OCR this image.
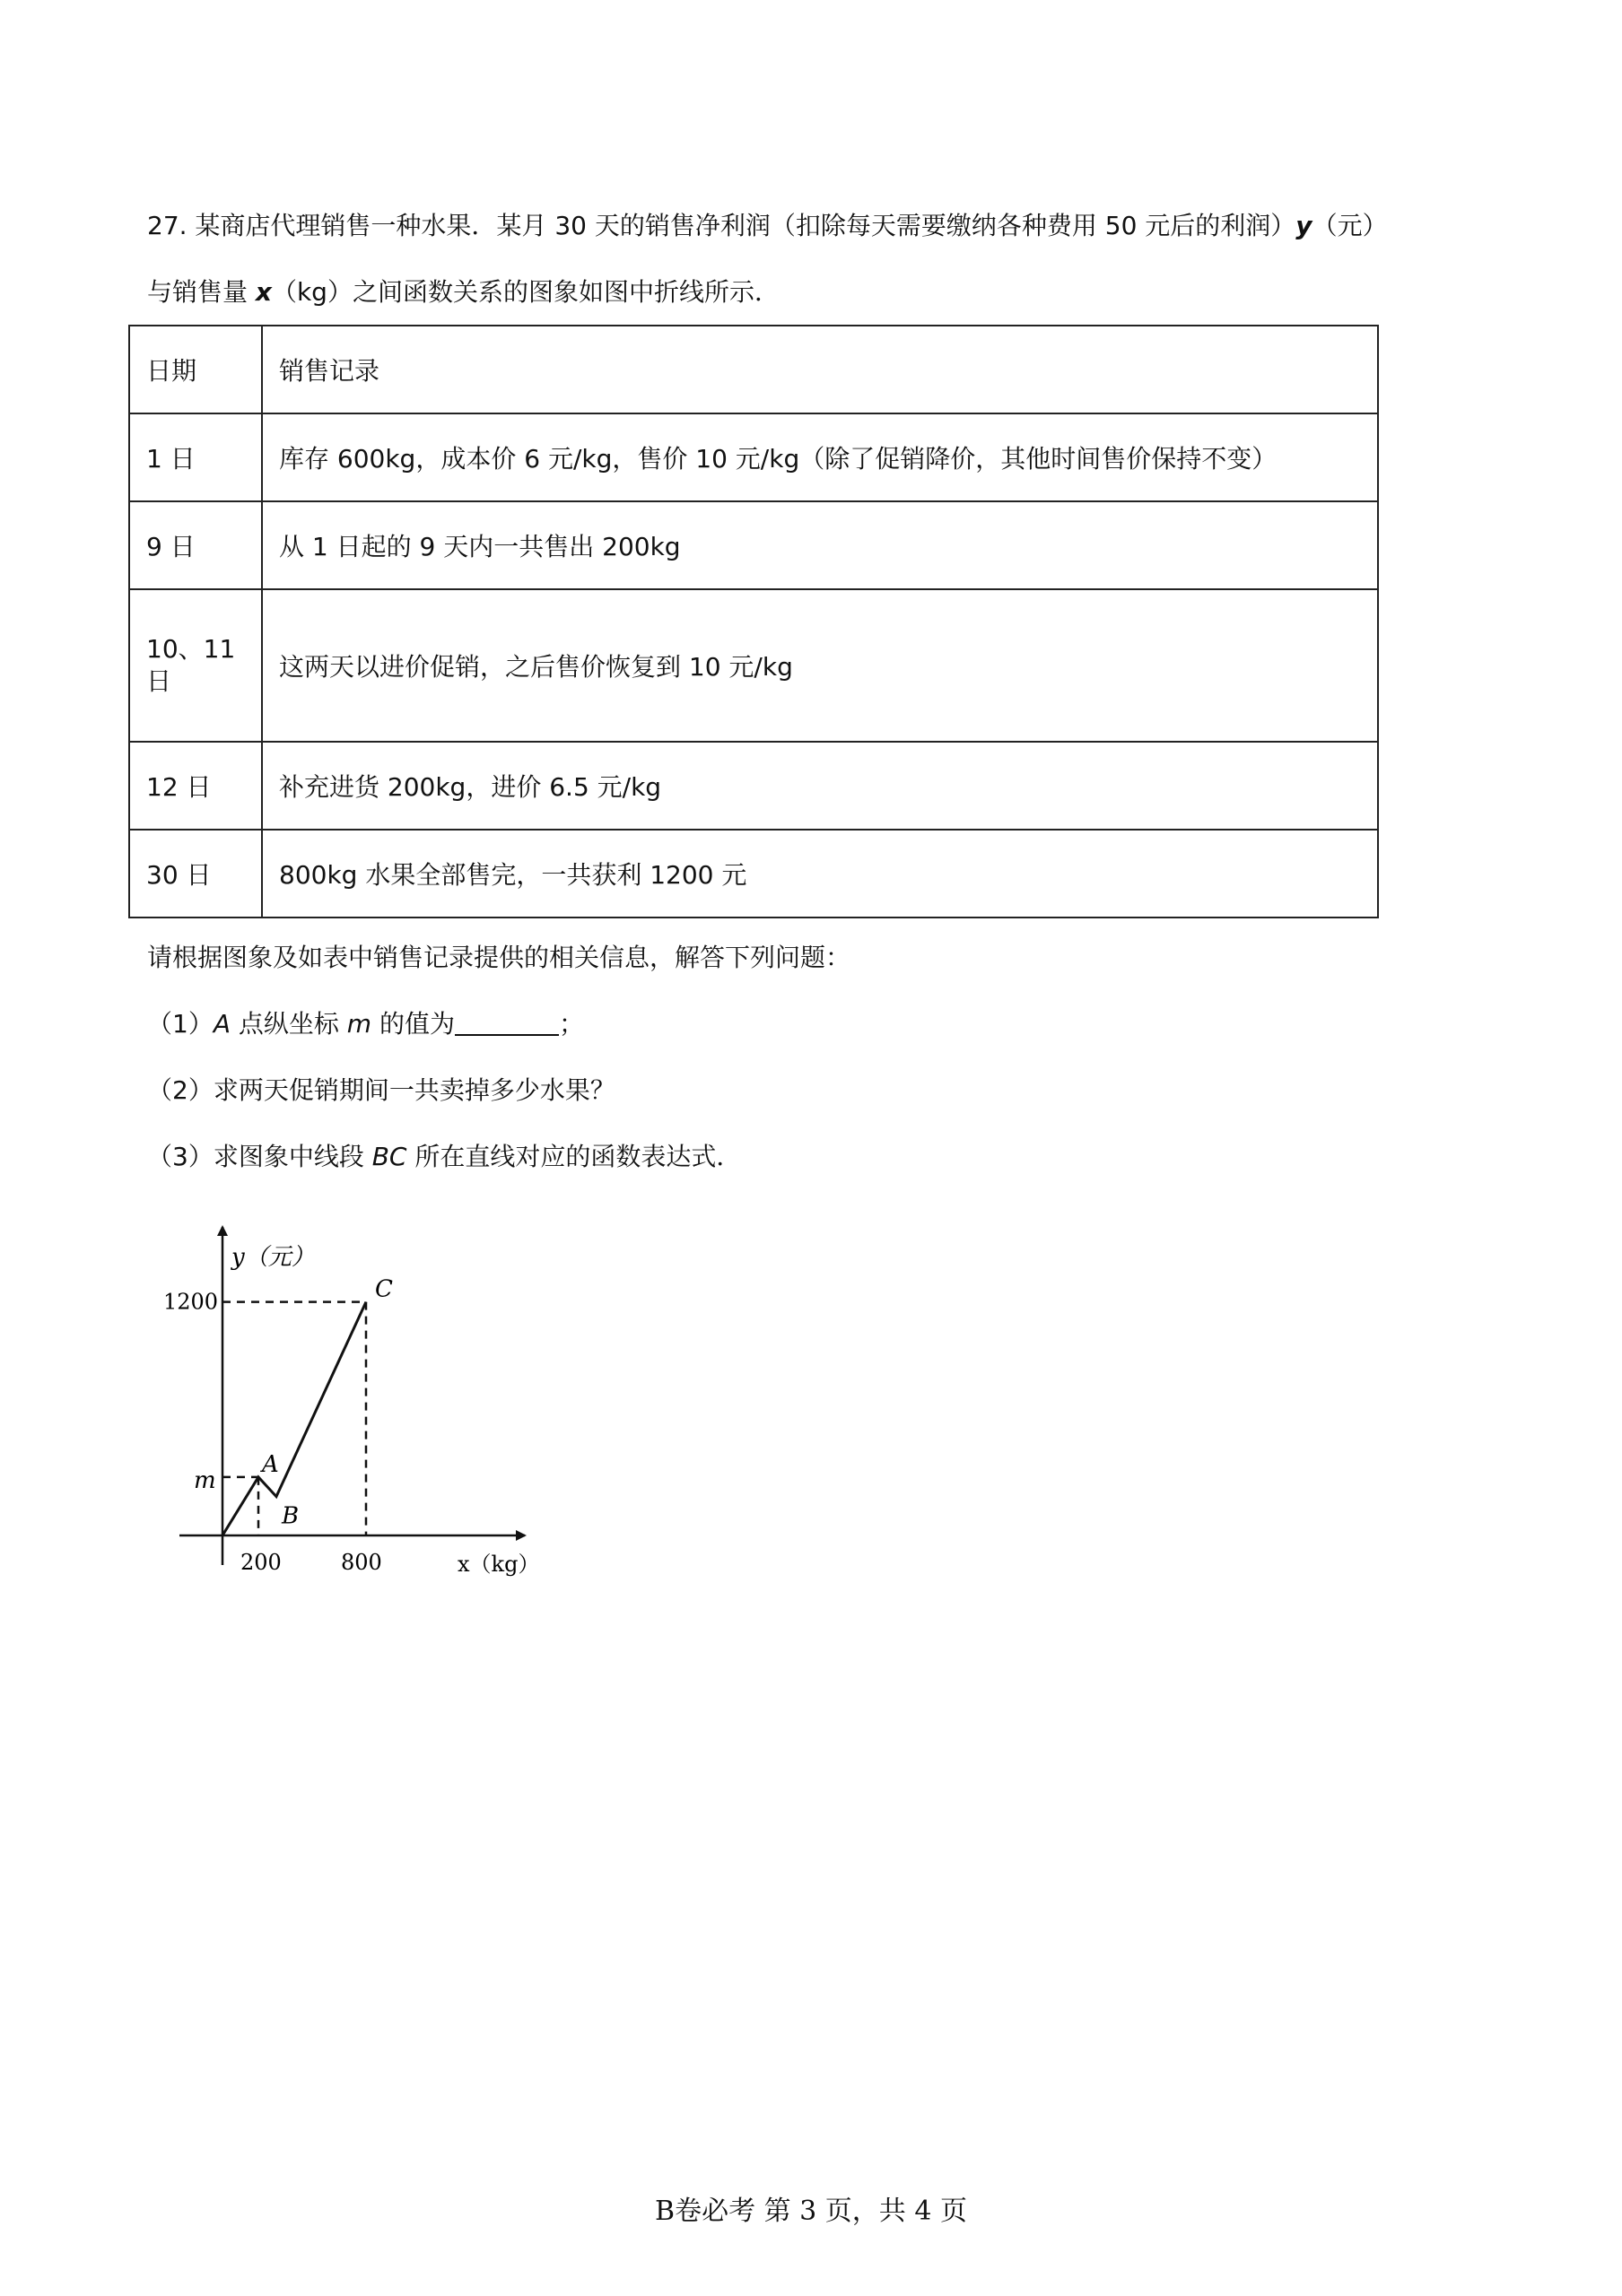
27. 某商店代理销售一种水果．某月 30 天的销售净利润（扣除每天需要缴纳各种费用 50 元后的利润）y（元）
与销售量 x（kg）之间函数关系的图象如图中折线所示．
日期	销售记录
1 日	库存 600kg，成本价 6 元/kg，售价 10 元/kg（除了促销降价，其他时间售价保持不变）
9 日	从 1 日起的 9 天内一共售出 200kg

10、11 日	这两天以进价促销，之后售价恢复到 10 元/kg
12 日	补充进货 200kg，进价 6.5 元/kg
30 日	800kg 水果全部售完，一共获利 1200 元
请根据图象及如表中销售记录提供的相关信息，解答下列问题：
（1）A 点纵坐标 m 的值为	；
（2）求两天促销期间一共卖掉多少水果？
（3）求图象中线段 BC 所在直线对应的函数表达式．
A
B
C
m
1200
200	800
y（元）
x（kg）
B卷必考 第 3 页，共 4 页
